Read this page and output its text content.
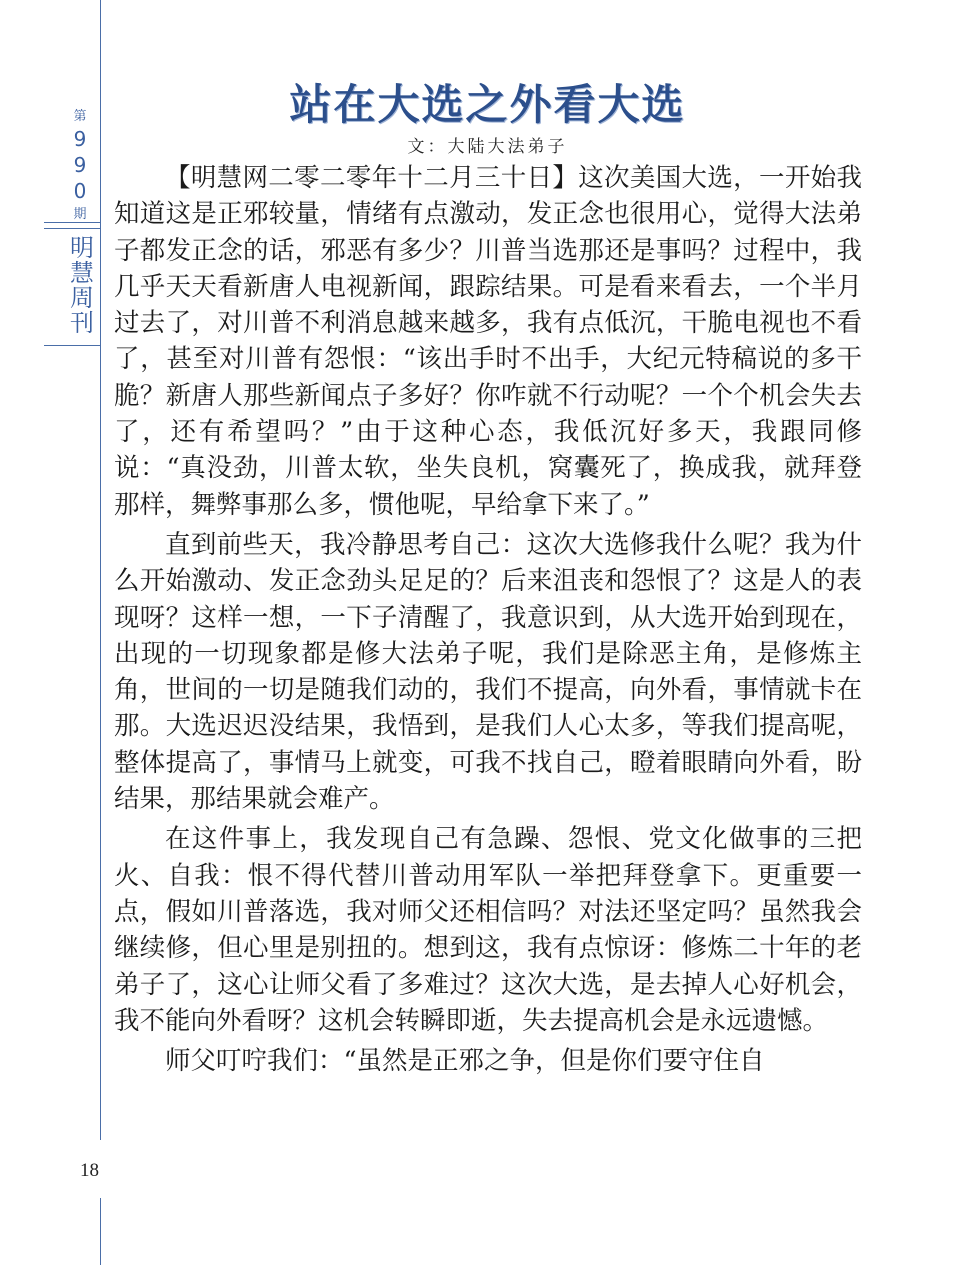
第
9
9
0
期
明
慧
周
刊
站在大选之外看大选
文：大陆大法弟子

【明慧网二零二零年十二月三十日】这次美国大选，一开始我知道这是正邪较量，情绪有点激动，发正念也很用心，觉得大法弟子都发正念的话，邪恶有多少？川普当选那还是事吗？过程中，我几乎天天看新唐人电视新闻，跟踪结果。可是看来看去，一个半月过去了，对川普不利消息越来越多，我有点低沉，干脆电视也不看了，甚至对川普有怨恨：“该出手时不出手，大纪元特稿说的多干脆？新唐人那些新闻点子多好？你咋就不行动呢？一个个机会失去了，还有希望吗？”由于这种心态，我低沉好多天，我跟同修说：“真没劲，川普太软，坐失良机，窝囊死了，换成我，就拜登那样，舞弊事那么多，惯他呢，早给拿下来了。”

直到前些天，我冷静思考自己：这次大选修我什么呢？我为什么开始激动、发正念劲头足足的？后来沮丧和怨恨了？这是人的表现呀？这样一想，一下子清醒了，我意识到，从大选开始到现在，出现的一切现象都是修大法弟子呢，我们是除恶主角，是修炼主角，世间的一切是随我们动的，我们不提高，向外看，事情就卡在那。大选迟迟没结果，我悟到，是我们人心太多，等我们提高呢，整体提高了，事情马上就变，可我不找自己，瞪着眼睛向外看，盼结果，那结果就会难产。

在这件事上，我发现自己有急躁、怨恨、党文化做事的三把火、自我：恨不得代替川普动用军队一举把拜登拿下。更重要一点，假如川普落选，我对师父还相信吗？对法还坚定吗？虽然我会继续修，但心里是别扭的。想到这，我有点惊讶：修炼二十年的老弟子了，这心让师父看了多难过？这次大选，是去掉人心好机会，我不能向外看呀？这机会转瞬即逝，失去提高机会是永远遗憾。

师父叮咛我们：“虽然是正邪之争，但是你们要守住自

18
